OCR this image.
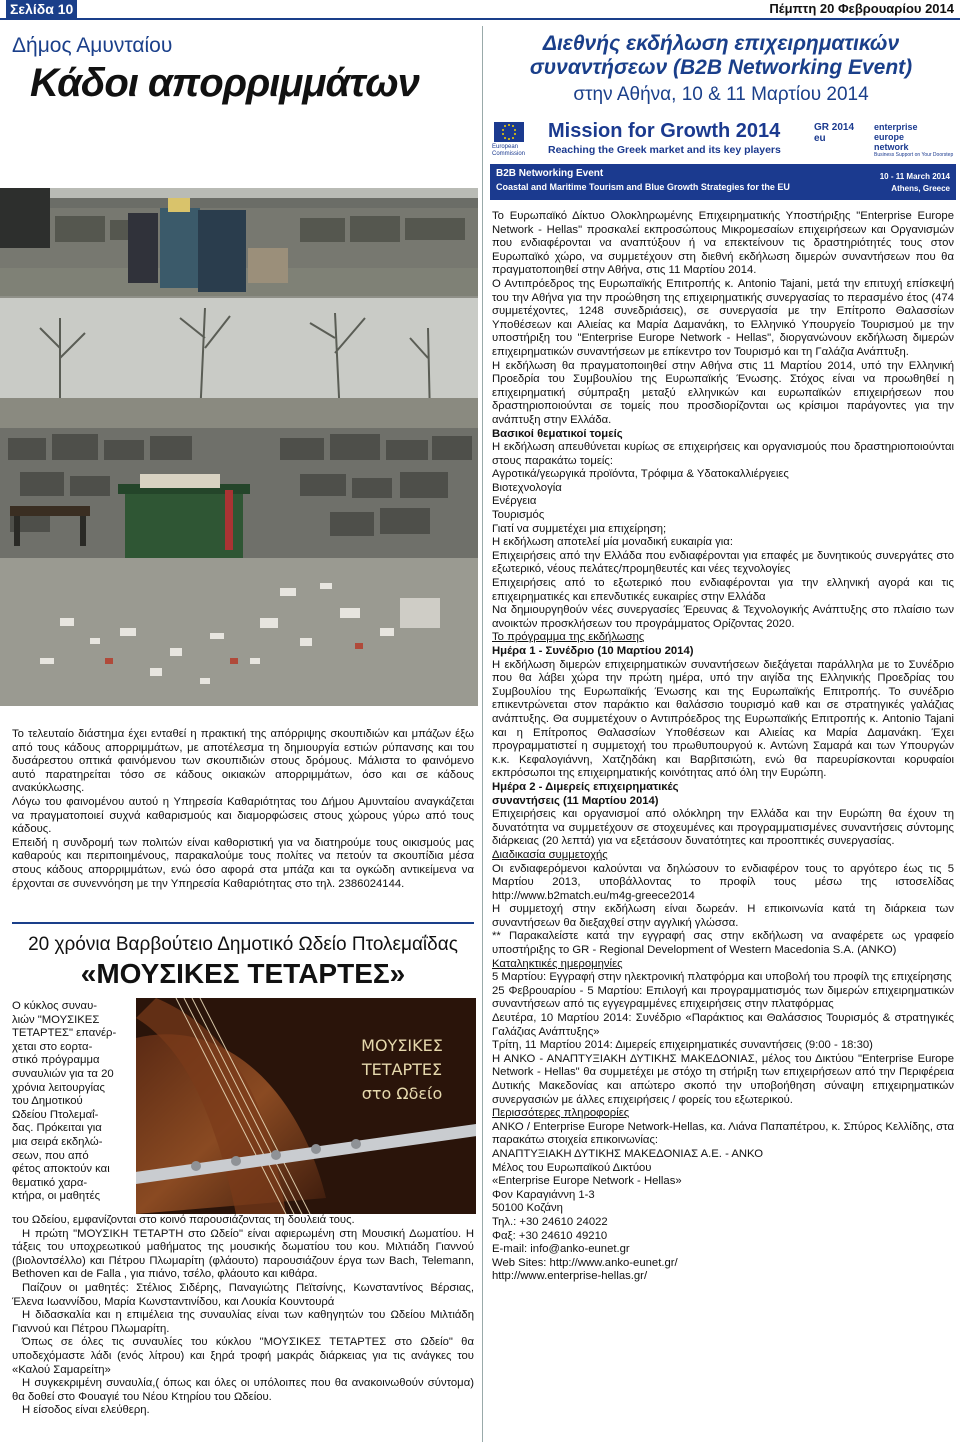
Σελίδα 10	Πέμπτη 20 Φεβρουαρίου 2014
Δήμος Αμυνταίου
Κάδοι απορριμμάτων

Το τελευταίο διάστημα έχει ενταθεί η πρακτική της απόρριψης σκουπιδιών και μπάζων έξω από τους κάδους απορριμμάτων, με αποτέλεσμα τη δημιουργία εστιών ρύπανσης και του δυσάρεστου οπτικά φαινόμενου των σκουπιδιών στους δρόμους. Μάλιστα το φαινόμενο αυτό παρατηρείται τόσο σε κάδους οικιακών απορριμμάτων, όσο και σε κάδους ανακύκλωσης.

Λόγω του φαινομένου αυτού η Υπηρεσία Καθαριότητας του Δήμου Αμυνταίου αναγκάζεται να πραγματοποιεί συχνά καθαρισμούς και διαμορφώσεις στους χώρους γύρω από τους κάδους.

Επειδή η συνδρομή των πολιτών είναι καθοριστική για να διατηρούμε τους οικισμούς μας καθαρούς και περιποιημένους, παρακαλούμε τους πολίτες να πετούν τα σκουπίδια μέσα στους κάδους απορριμμάτων, ενώ όσο αφορά στα μπάζα και τα ογκώδη αντικείμενα να έρχονται σε συνεννόηση με την Υπηρεσία Καθαριότητας στο τηλ. 2386024144.

20 χρόνια Βαρβούτειο Δημοτικό Ωδείο Πτολεμαΐδας
«ΜΟΥΣΙΚΕΣ ΤΕΤΑΡΤΕΣ»

Ο κύκλος συναυ-

λιών "ΜΟΥΣΙΚΕΣ

ΤΕΤΑΡΤΕΣ" επανέρ-

χεται στο εορτα-

στικό πρόγραμμα

συναυλιών για τα 20

χρόνια λειτουργίας

του Δημοτικού

Ωδείου Πτολεμαΐ-

δας. Πρόκειται για

μια σειρά εκδηλώ-

σεων, που από

φέτος αποκτούν και

θεματικό χαρα-

κτήρα, οι μαθητές

ΜΟΥΣΙΚΕΣ
ΤΕΤΑΡΤΕΣ
στο Ωδείο

του Ωδείου, εμφανίζονται στο κοινό παρουσιάζοντας τη δουλειά τους.

Η πρώτη "ΜΟΥΣΙΚΗ ΤΕΤΑΡΤΗ στο Ωδείο" είναι αφιερωμένη στη Μουσική Δωματίου. Η τάξεις του υποχρεωτικού μαθήματος της μουσικής δωματίου του κου. Μιλτιάδη Γιαννού (βιολοντσέλλο) και Πέτρου Πλωμαρίτη (φλάουτο) παρουσιάζουν έργα των Bach, Telemann, Bethoven και de Falla , για πιάνο, τσέλο, φλάουτο και κιθάρα.

Παίζουν οι μαθητές: Στέλιος Σιδέρης, Παναγιώτης Πεϊτσίνης, Κωνσταντίνος Βέρσιας, Έλενα Ιωαννίδου, Μαρία Κωνσταντινίδου, και Λουκία Κουντουρά

Η διδασκαλία και η επιμέλεια της συναυλίας είναι των καθηγητών του Ωδείου Μιλτιάδη Γιαννού και Πέτρου Πλωμαρίτη.

Όπως σε όλες τις συναυλίες του κύκλου "ΜΟΥΣΙΚΕΣ ΤΕΤΑΡΤΕΣ στο Ωδείο" θα υποδεχόμαστε λάδι (ενός λίτρου) και ξηρά τροφή μακράς διάρκειας για τις ανάγκες του «Καλού Σαμαρείτη»

Η συγκεκριμένη συναυλία,( όπως και όλες οι υπόλοιπες που θα ανακοινωθούν σύντομα) θα δοθεί στο Φουαγιέ του Νέου Κτηρίου του Ωδείου.

Η είσοδος είναι ελεύθερη.

Διεθνής εκδήλωση επιχειρηματικών
συναντήσεων (B2B Networking Event)
στην Αθήνα, 10 & 11 Μαρτίου 2014
European Commission
Mission for Growth 2014
Reaching the Greek market and its key players
GR 2014 eu
enterprise
europe
network
Business Support on Your Doorstep
B2B Networking Event
Coastal and Maritime Tourism and Blue Growth Strategies for the EU
10 - 11 March 2014
Athens, Greece

Το Ευρωπαϊκό Δίκτυο Ολοκληρωμένης Επιχειρηματικής Υποστήριξης "Enterprise Europe Network - Hellas" προσκαλεί εκπροσώπους Μικρομεσαίων επιχειρήσεων και Οργανισμών που ενδιαφέρονται να αναπτύξουν ή να επεκτείνουν τις δραστηριότητές τους στον Ευρωπαϊκό χώρο, να συμμετέχουν στη διεθνή εκδήλωση διμερών συναντήσεων που θα πραγματοποιηθεί στην Αθήνα, στις 11 Μαρτίου 2014.

Ο Αντιπρόεδρος της Ευρωπαϊκής Επιτροπής κ. Antonio Tajani, μετά την επιτυχή επίσκεψή του την Αθήνα για την προώθηση της επιχειρηματικής συνεργασίας το περασμένο έτος (474 συμμετέχοντες, 1248 συνεδριάσεις), σε συνεργασία με την Επίτροπο Θαλασσίων Υποθέσεων και Αλιείας κα Μαρία Δαμανάκη, το Ελληνικό Υπουργείο Τουρισμού με την υποστήριξη του "Enterprise Europe Network - Hellas", διοργανώνουν εκδήλωση διμερών επιχειρηματικών συναντήσεων με επίκεντρο τον Τουρισμό και τη Γαλάζια Ανάπτυξη.

Η εκδήλωση θα πραγματοποιηθεί στην Αθήνα στις 11 Μαρτίου 2014, υπό την Ελληνική Προεδρία του Συμβουλίου της Ευρωπαϊκής Ένωσης. Στόχος είναι να προωθηθεί η επιχειρηματική σύμπραξη μεταξύ ελληνικών και ευρωπαϊκών επιχειρήσεων που δραστηριοποιούνται σε τομείς που προσδιορίζονται ως κρίσιμοι παράγοντες για την ανάπτυξη στην Ελλάδα.

Βασικοί θεματικοί τομείς

Η εκδήλωση απευθύνεται κυρίως σε επιχειρήσεις και οργανισμούς που δραστηριοποιούνται στους παρακάτω τομείς:

Αγροτικά/γεωργικά προϊόντα, Τρόφιμα & Υδατοκαλλιέργειες

Βιοτεχνολογία

Ενέργεια

Τουρισμός

Γιατί να συμμετέχει μια επιχείρηση;

Η εκδήλωση αποτελεί μία μοναδική ευκαιρία για:

Επιχειρήσεις από την Ελλάδα που ενδιαφέρονται για επαφές με δυνητικούς συνεργάτες στο εξωτερικό, νέους πελάτες/προμηθευτές και νέες τεχνολογίες

Επιχειρήσεις από το εξωτερικό που ενδιαφέρονται για την ελληνική αγορά και τις επιχειρηματικές και επενδυτικές ευκαιρίες στην Ελλάδα

Να δημιουργηθούν νέες συνεργασίες Έρευνας & Τεχνολογικής Ανάπτυξης στο πλαίσιο των ανοικτών προσκλήσεων του προγράμματος Ορίζοντας 2020.

Το πρόγραμμα της εκδήλωσης

Ημέρα 1 - Συνέδριο (10 Μαρτίου 2014)

Η εκδήλωση διμερών επιχειρηματικών συναντήσεων διεξάγεται παράλληλα με το Συνέδριο που θα λάβει χώρα την πρώτη ημέρα, υπό την αιγίδα της Ελληνικής Προεδρίας του Συμβουλίου της Ευρωπαϊκής Ένωσης και της Ευρωπαϊκής Επιτροπής. Το συνέδριο επικεντρώνεται στον παράκτιο και θαλάσσιο τουρισμό καθ και σε στρατηγικές γαλάζιας ανάπτυξης. Θα συμμετέχουν ο Αντιπρόεδρος της Ευρωπαϊκής Επιτροπής κ. Antonio Tajani και η Επίτροπος Θαλασσίων Υποθέσεων και Αλιείας κα Μαρία Δαμανάκη. Έχει προγραμματιστεί η συμμετοχή του πρωθυπουργού κ. Αντώνη Σαμαρά και των Υπουργών κ.κ. Κεφαλογιάννη, Χατζηδάκη και Βαρβιτσιώτη, ενώ θα παρευρίσκονται κορυφαίοι εκπρόσωποι της επιχειρηματικής κοινότητας από όλη την Ευρώπη.

Ημέρα 2 - Διμερείς επιχειρηματικές

συναντήσεις (11 Μαρτίου 2014)

Επιχειρήσεις και οργανισμοί από ολόκληρη την Ελλάδα και την Ευρώπη θα έχουν τη δυνατότητα να συμμετέχουν σε στοχευμένες και προγραμματισμένες συναντήσεις σύντομης διάρκειας (20 λεπτά) για να εξετάσουν δυνατότητες και προοπτικές συνεργασίας.

Διαδικασία συμμετοχής

Οι ενδιαφερόμενοι καλούνται να δηλώσουν το ενδιαφέρον τους το αργότερο έως τις 5 Μαρτίου 2013, υποβάλλοντας το προφίλ τους μέσω της ιστοσελίδας http://www.b2match.eu/m4g-greece2014

Η συμμετοχή στην εκδήλωση είναι δωρεάν. Η επικοινωνία κατά τη διάρκεια των συναντήσεων θα διεξαχθεί στην αγγλική γλώσσα.

** Παρακαλείστε κατά την εγγραφή σας στην εκδήλωση να αναφέρετε ως γραφείο υποστήριξης το GR - Regional Development of Western Macedonia S.A. (ΑΝΚΟ)

Καταληκτικές ημερομηνίες

5 Μαρτίου: Εγγραφή στην ηλεκτρονική πλατφόρμα και υποβολή του προφίλ της επιχείρησης

25 Φεβρουαρίου - 5 Μαρτίου: Επιλογή και προγραμματισμός των διμερών επιχειρηματικών συναντήσεων από τις εγγεγραμμένες επιχειρήσεις στην πλατφόρμας

Δευτέρα, 10 Μαρτίου 2014: Συνέδριο «Παράκτιος και Θαλάσσιος Τουρισμός & στρατηγικές Γαλάζιας Ανάπτυξης»

Τρίτη, 11 Μαρτίου 2014: Διμερείς επιχειρηματικές συναντήσεις (9:00 - 18:30)

Η ΑΝΚΟ - ΑΝΑΠΤΥΞΙΑΚΗ ΔΥΤΙΚΗΣ ΜΑΚΕΔΟΝΙΑΣ, μέλος του Δικτύου "Enterprise Europe Network - Hellas" θα συμμετέχει με στόχο τη στήριξη των επιχειρήσεων από την Περιφέρεια Δυτικής Μακεδονίας και απώτερο σκοπό την υποβοήθηση σύναψη επιχειρηματικών συνεργασιών με άλλες επιχειρήσεις / φορείς του εξωτερικού.

Περισσότερες πληροφορίες

ΑΝΚΟ / Enterprise Europe Network-Hellas, κα. Λιάνα Παπαπέτρου, κ. Σπύρος Κελλίδης, στα παρακάτω στοιχεία επικοινωνίας:

ΑΝΑΠΤΥΞΙΑΚΗ ΔΥΤΙΚΗΣ ΜΑΚΕΔΟΝΙΑΣ Α.Ε. - ΑΝΚΟ

Μέλος του Ευρωπαϊκού Δικτύου

«Enterprise Europe Network - Hellas»

Φον Καραγιάννη 1-3

50100 Κοζάνη

Τηλ.: +30 24610 24022

Φαξ: +30 24610 49210

E-mail: info@anko-eunet.gr

Web Sites: http://www.anko-eunet.gr/

http://www.enterprise-hellas.gr/
